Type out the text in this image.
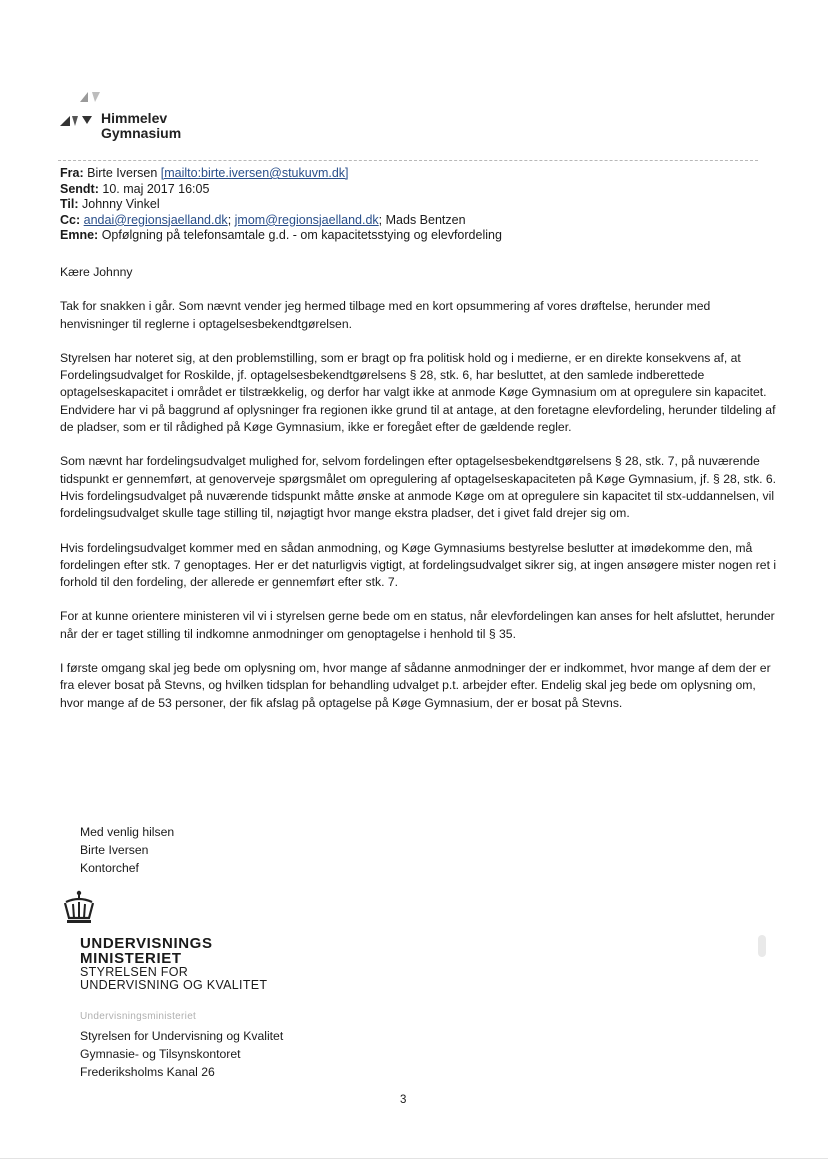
Himmelev
Gymnasium
Fra: Birte Iversen [mailto:birte.iversen@stukuvm.dk]
Sendt: 10. maj 2017 16:05
Til: Johnny Vinkel
Cc: andai@regionsjaelland.dk; jmom@regionsjaelland.dk; Mads Bentzen
Emne: Opfølgning på telefonsamtale g.d. - om kapacitetsstying og elevfordeling

Kære Johnny

Tak for snakken i går. Som nævnt vender jeg hermed tilbage med en kort opsummering af vores drøftelse, herunder med henvisninger til reglerne i optagelsesbekendtgørelsen.

Styrelsen har noteret sig, at den problemstilling, som er bragt op fra politisk hold og i medierne, er en direkte konsekvens af, at Fordelingsudvalget for Roskilde, jf. optagelsesbekendtgørelsens § 28, stk. 6, har besluttet, at den samlede indberettede optagelseskapacitet i området er tilstrækkelig, og derfor har valgt ikke at anmode Køge Gymnasium om at opregulere sin kapacitet. Endvidere har vi på baggrund af oplysninger fra regionen ikke grund til at antage, at den foretagne elevfordeling, herunder tildeling af de pladser, som er til rådighed på Køge Gymnasium, ikke er foregået efter de gældende regler.

Som nævnt har fordelingsudvalget mulighed for, selvom fordelingen efter optagelsesbekendtgørelsens § 28, stk. 7, på nuværende tidspunkt er gennemført, at genoverveje spørgsmålet om opregulering af optagelseskapaciteten på Køge Gymnasium, jf. § 28, stk. 6. Hvis fordelingsudvalget på nuværende tidspunkt måtte ønske at anmode Køge om at opregulere sin kapacitet til stx-uddannelsen, vil fordelingsudvalget skulle tage stilling til, nøjagtigt hvor mange ekstra pladser, det i givet fald drejer sig om.

Hvis fordelingsudvalget kommer med en sådan anmodning, og Køge Gymnasiums bestyrelse beslutter at imødekomme den, må fordelingen efter stk. 7 genoptages. Her er det naturligvis vigtigt, at fordelingsudvalget sikrer sig, at ingen ansøgere mister nogen ret i forhold til den fordeling, der allerede er gennemført efter stk. 7.

For at kunne orientere ministeren vil vi i styrelsen gerne bede om en status, når elevfordelingen kan anses for helt afsluttet, herunder når der er taget stilling til indkomne anmodninger om genoptagelse i henhold til § 35.

I første omgang skal jeg bede om oplysning om, hvor mange af sådanne anmodninger der er indkommet, hvor mange af dem der er fra elever bosat på Stevns, og hvilken tidsplan for behandling udvalget p.t. arbejder efter. Endelig skal jeg bede om oplysning om, hvor mange af de 53 personer, der fik afslag på optagelse på Køge Gymnasium, der er bosat på Stevns.

Med venlig hilsen
Birte Iversen
Kontorchef
UNDERVISNINGS
MINISTERIET
STYRELSEN FOR
UNDERVISNING OG KVALITET
Undervisningsministeriet
Styrelsen for Undervisning og Kvalitet
Gymnasie- og Tilsynskontoret
Frederiksholms Kanal 26
3
